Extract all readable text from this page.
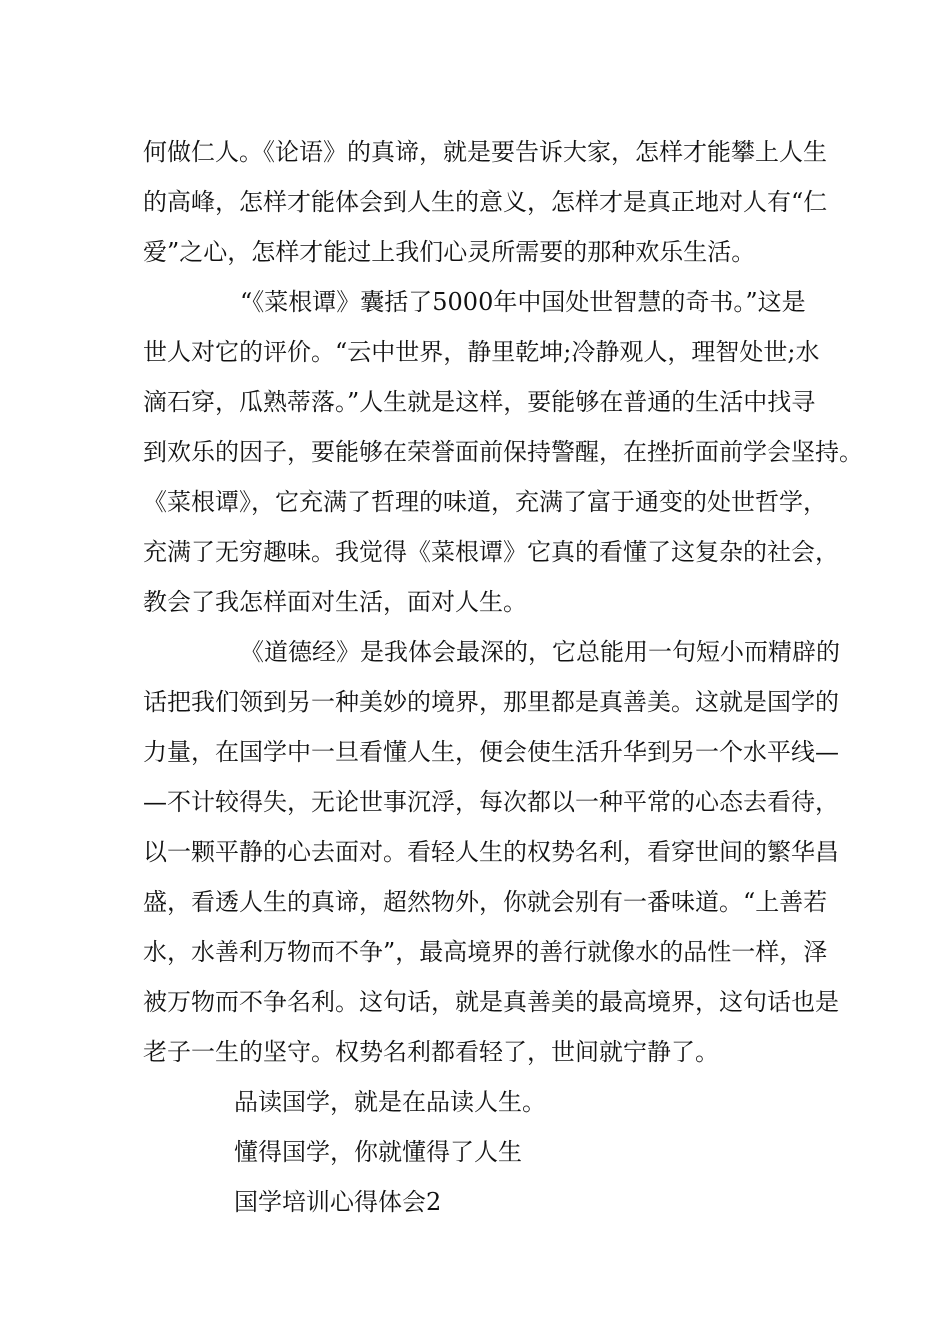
何做仁人。《论语》的真谛，就是要告诉大家，怎样才能攀上人生

的高峰，怎样才能体会到人生的意义，怎样才是真正地对人有“仁

爱”之心，怎样才能过上我们心灵所需要的那种欢乐生活。

“《菜根谭》囊括了5000年中国处世智慧的奇书。”这是

世人对它的评价。“云中世界，静里乾坤;冷静观人，理智处世;水

滴石穿，瓜熟蒂落。”人生就是这样，要能够在普通的生活中找寻

到欢乐的因子，要能够在荣誉面前保持警醒，在挫折面前学会坚持。

《菜根谭》，它充满了哲理的味道，充满了富于通变的处世哲学，

充满了无穷趣味。我觉得《菜根谭》它真的看懂了这复杂的社会，

教会了我怎样面对生活，面对人生。

《道德经》是我体会最深的，它总能用一句短小而精辟的

话把我们领到另一种美妙的境界，那里都是真善美。这就是国学的

力量，在国学中一旦看懂人生，便会使生活升华到另一个水平线—

—不计较得失，无论世事沉浮，每次都以一种平常的心态去看待，

以一颗平静的心去面对。看轻人生的权势名利，看穿世间的繁华昌

盛，看透人生的真谛，超然物外，你就会别有一番味道。“上善若

水，水善利万物而不争”，最高境界的善行就像水的品性一样，泽

被万物而不争名利。这句话，就是真善美的最高境界，这句话也是

老子一生的坚守。权势名利都看轻了，世间就宁静了。

品读国学，就是在品读人生。

懂得国学，你就懂得了人生

国学培训心得体会2
